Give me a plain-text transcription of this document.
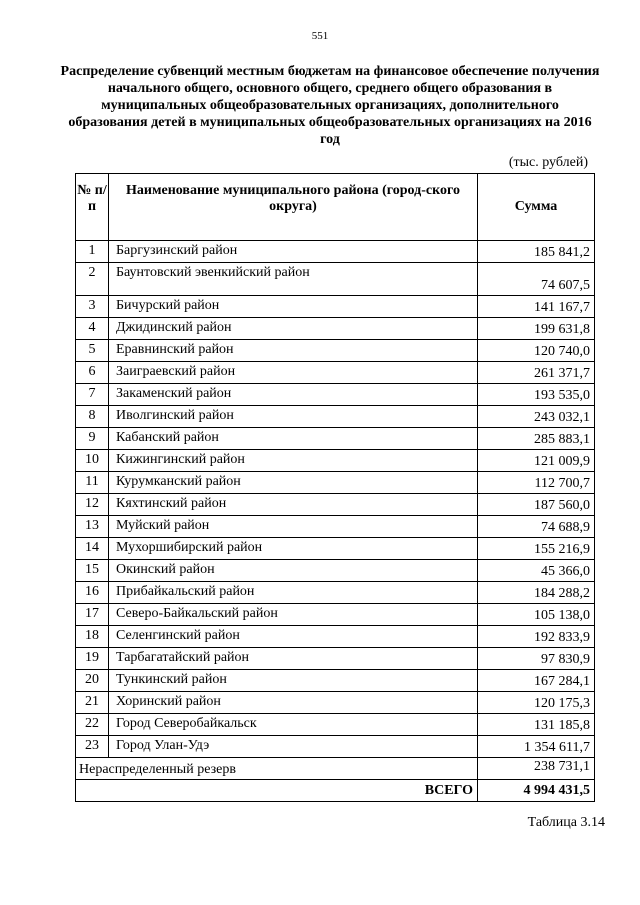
551
Распределение субвенций местным бюджетам на финансовое обеспечение получения начального общего, основного общего, среднего общего образования в муниципальных общеобразовательных организациях, дополнительного образования детей в муниципальных общеобразовательных организациях на 2016 год
(тыс. рублей)
№ п/п	Наименование муниципального района (город-ского округа)	Сумма
1	Баргузинский район	185 841,2
2	Баунтовский эвенкийский район	74 607,5
3	Бичурский район	141 167,7
4	Джидинский район	199 631,8
5	Еравнинский район	120 740,0
6	Заиграевский район	261 371,7
7	Закаменский район	193 535,0
8	Иволгинский район	243 032,1
9	Кабанский район	285 883,1
10	Кижингинский район	121 009,9
11	Курумканский район	112 700,7
12	Кяхтинский район	187 560,0
13	Муйский район	74 688,9
14	Мухоршибирский район	155 216,9
15	Окинский район	45 366,0
16	Прибайкальский район	184 288,2
17	Северо-Байкальский район	105 138,0
18	Селенгинский район	192 833,9
19	Тарбагатайский район	97 830,9
20	Тункинский район	167 284,1
21	Хоринский район	120 175,3
22	Город Северобайкальск	131 185,8
23	Город Улан-Удэ	1 354 611,7
Нераспределенный резерв		238 731,1
ВСЕГО		4 994 431,5
Таблица 3.14
